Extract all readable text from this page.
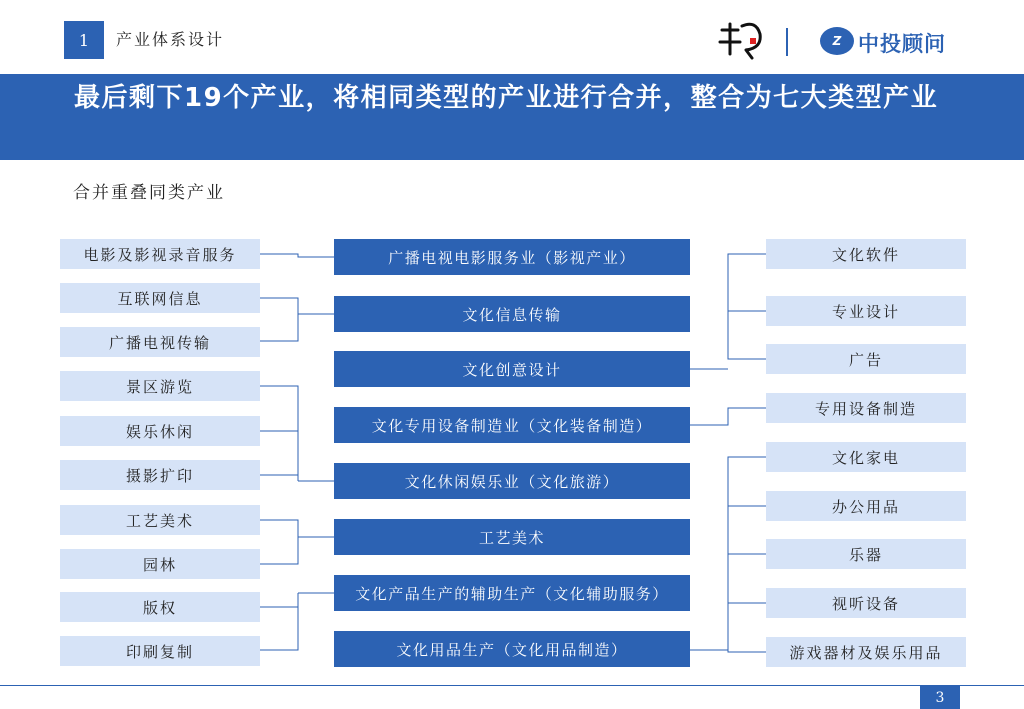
1	产业体系设计	Z 中投顾问
最后剩下19个产业，将相同类型的产业进行合并，整合为七大类型产业
合并重叠同类产业
电影及影视录音服务
互联网信息
广播电视传输
景区游览
娱乐休闲
摄影扩印
工艺美术
园林
版权
印刷复制
广播电视电影服务业（影视产业）
文化信息传输
文化创意设计
文化专用设备制造业（文化装备制造）
文化休闲娱乐业（文化旅游）
工艺美术
文化产品生产的辅助生产（文化辅助服务）
文化用品生产（文化用品制造）
文化软件
专业设计
广告
专用设备制造
文化家电
办公用品
乐器
视听设备
游戏器材及娱乐用品
3
